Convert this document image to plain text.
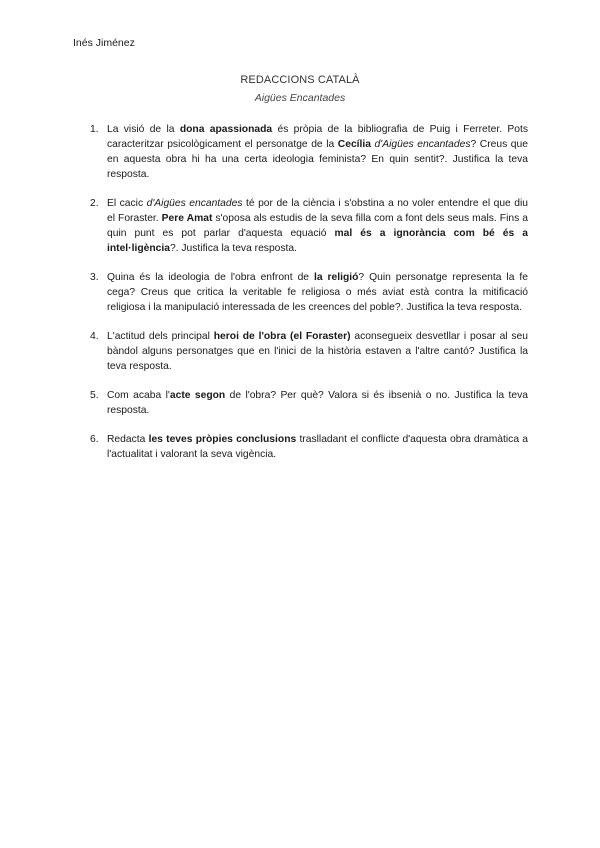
Inés Jiménez
REDACCIONS CATALÀ
Aigües Encantades
1. La visió de la dona apassionada és pròpia de la bibliografia de Puig i Ferreter. Pots caracteritzar psicològicament el personatge de la Cecília d'Aigües encantades? Creus que en aquesta obra hi ha una certa ideologia feminista? En quin sentit?. Justifica la teva resposta.
2. El cacic d'Aigües encantades té por de la ciència i s'obstina a no voler entendre el que diu el Foraster. Pere Amat s'oposa als estudis de la seva filla com a font dels seus mals. Fins a quin punt es pot parlar d'aquesta equació mal és a ignorància com bé és a intel·ligència?. Justifica la teva resposta.
3. Quina és la ideologia de l'obra enfront de la religió? Quin personatge representa la fe cega? Creus que critica la veritable fe religiosa o més aviat està contra la mitificació religiosa i la manipulació interessada de les creences del poble?. Justifica la teva resposta.
4. L'actitud dels principal heroi de l'obra (el Foraster) aconsegueix desvetllar i posar al seu bàndol alguns personatges que en l'inici de la història estaven a l'altre cantó? Justifica la teva resposta.
5. Com acaba l'acte segon de l'obra? Per què? Valora si és ibsenià o no. Justifica la teva resposta.
6. Redacta les teves pròpies conclusions traslladant el conflicte d'aquesta obra dramàtica a l'actualitat i valorant la seva vigència.
